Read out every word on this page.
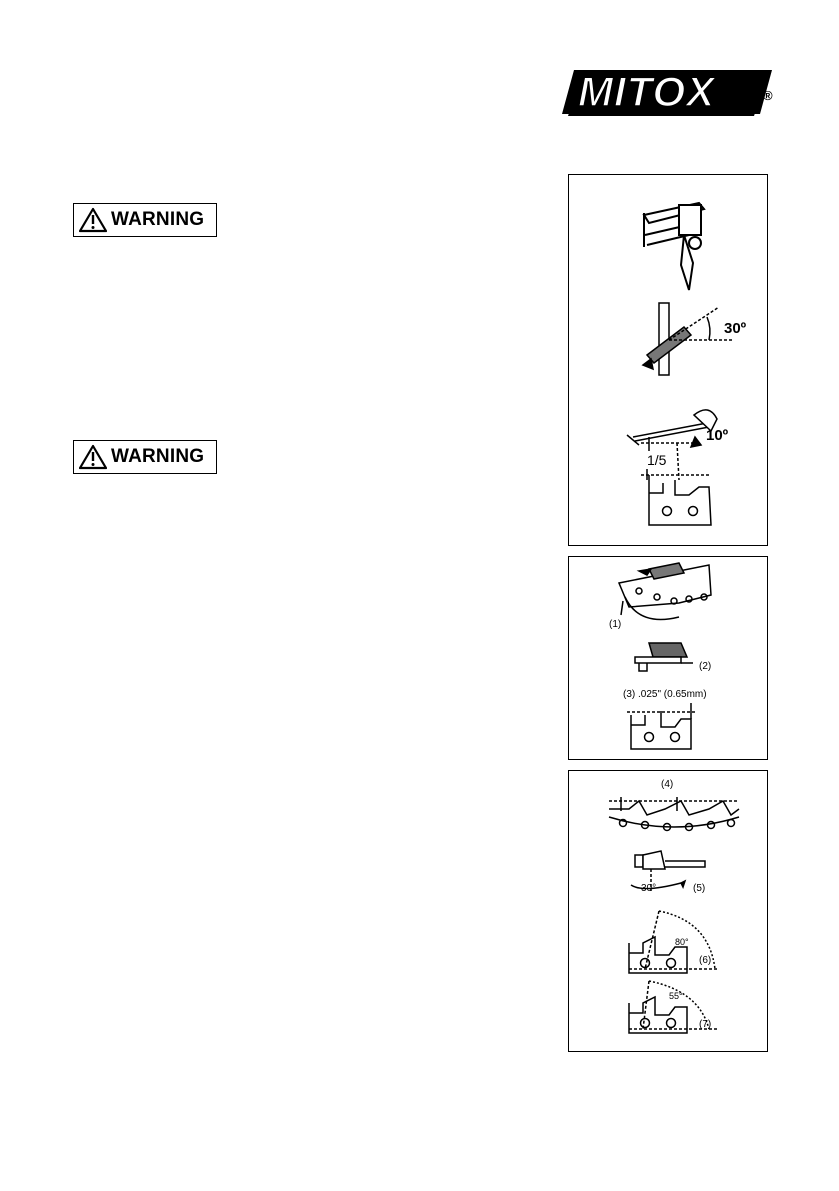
MITOX	®
WARNING
WARNING
30º
10º
1/5
(1)
(2)
(3) .025" (0.65mm)
(4)
30°	(5)
80°
(6)
55°
(7)
